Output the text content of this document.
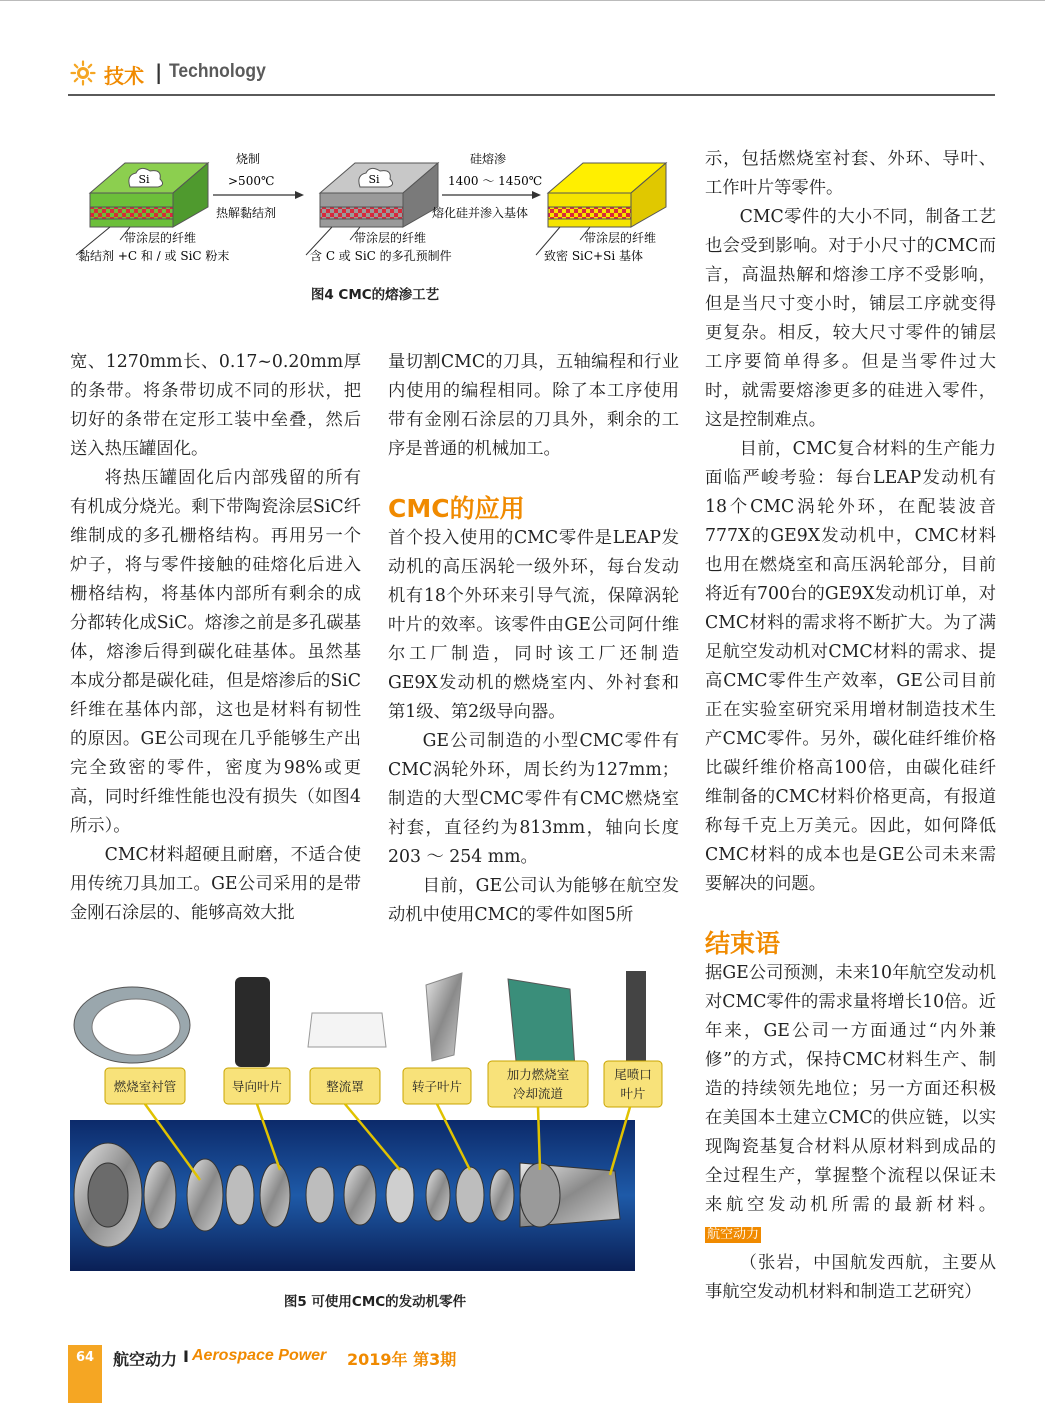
技术 | Technology
Si
带涂层的纤维
黏结剂 +C 和 / 或 SiC 粉末
烧制
>500℃
热解黏结剂
Si
带涂层的纤维
含 C 或 SiC 的多孔预制件
硅熔渗
1400 ～ 1450℃
熔化硅并渗入基体
带涂层的纤维
致密 SiC+Si 基体
图4 CMC的熔渗工艺

宽、1270mm长、0.17~0.20mm厚的条带。将条带切成不同的形状，把切好的条带在定形工装中垒叠，然后送入热压罐固化。

将热压罐固化后内部残留的所有有机成分烧光。剩下带陶瓷涂层SiC纤维制成的多孔栅格结构。再用另一个炉子，将与零件接触的硅熔化后进入栅格结构，将基体内部所有剩余的成分都转化成SiC。熔渗之前是多孔碳基体，熔渗后得到碳化硅基体。虽然基本成分都是碳化硅，但是熔渗后的SiC纤维在基体内部，这也是材料有韧性的原因。GE公司现在几乎能够生产出完全致密的零件，密度为98%或更高，同时纤维性能也没有损失（如图4所示）。

CMC材料超硬且耐磨，不适合使用传统刀具加工。GE公司采用的是带金刚石涂层的、能够高效大批

量切割CMC的刀具，五轴编程和行业内使用的编程相同。除了本工序使用带有金刚石涂层的刀具外，剩余的工序是普通的机械加工。

CMC的应用

首个投入使用的CMC零件是LEAP发动机的高压涡轮一级外环，每台发动机有18个外环来引导气流，保障涡轮叶片的效率。该零件由GE公司阿什维尔工厂制造，同时该工厂还制造GE9X发动机的燃烧室内、外衬套和第1级、第2级导向器。

GE公司制造的小型CMC零件有CMC涡轮外环，周长约为127mm；制造的大型CMC零件有CMC燃烧室衬套，直径约为813mm，轴向长度203 ～ 254 mm。

目前，GE公司认为能够在航空发动机中使用CMC的零件如图5所

示，包括燃烧室衬套、外环、导叶、工作叶片等零件。

CMC零件的大小不同，制备工艺也会受到影响。对于小尺寸的CMC而言，高温热解和熔渗工序不受影响，但是当尺寸变小时，铺层工序就变得更复杂。相反，较大尺寸零件的铺层工序要简单得多。但是当零件过大时，就需要熔渗更多的硅进入零件，这是控制难点。

目前，CMC复合材料的生产能力面临严峻考验：每台LEAP发动机有18个CMC涡轮外环，在配装波音777X的GE9X发动机中，CMC材料也用在燃烧室和高压涡轮部分，目前将近有700台的GE9X发动机订单，对CMC材料的需求将不断扩大。为了满足航空发动机对CMC材料的需求、提高CMC零件生产效率，GE公司目前正在实验室研究采用增材制造技术生产CMC零件。另外，碳化硅纤维价格比碳纤维价格高100倍，由碳化硅纤维制备的CMC材料价格更高，有报道称每千克上万美元。因此，如何降低CMC材料的成本也是GE公司未来需要解决的问题。

结束语

据GE公司预测，未来10年航空发动机对CMC零件的需求量将增长10倍。近年来，GE公司一方面通过“内外兼修”的方式，保持CMC材料生产、制造的持续领先地位；另一方面还积极在美国本土建立CMC的供应链，以实现陶瓷基复合材料从原材料到成品的全过程生产，掌握整个流程以保证未来航空发动机所需的最新材料。航空动力

（张岩，中国航发西航，主要从事航空发动机材料和制造工艺研究）

燃烧室衬管	导向叶片	整流罩	转子叶片
加力燃烧室
冷却流道
尾喷口
叶片
图5 可使用CMC的发动机零件
64	航空动力 I Aerospace Power 2019年 第3期
